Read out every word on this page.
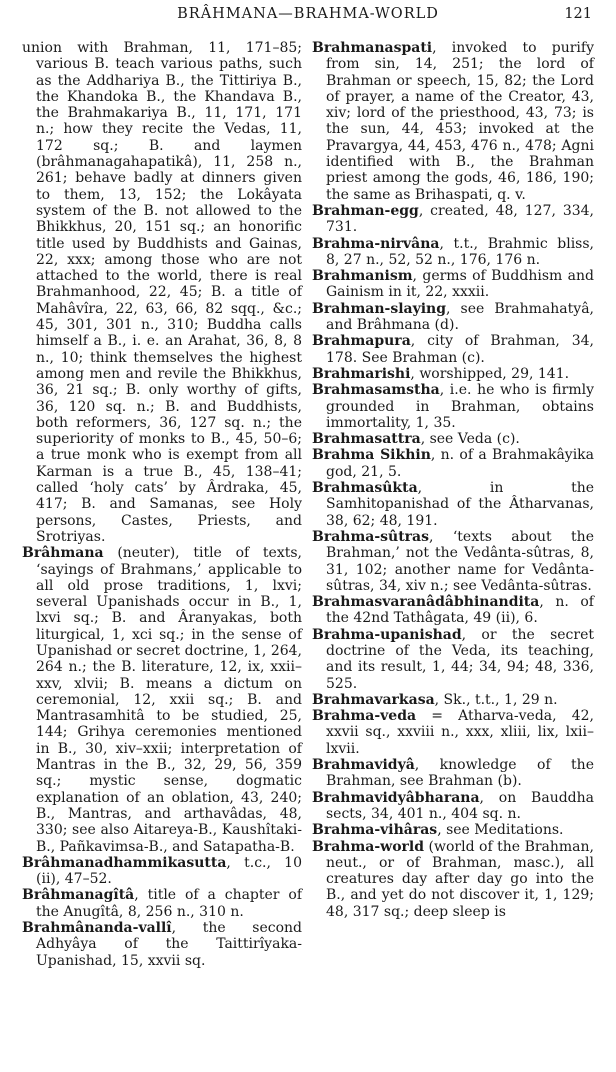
BRÂHMANA—BRAHMA-WORLD	121

union with Brahman, 11, 171–85; various B. teach various paths, such as the Addhariya B., the Tittiriya B., the Khandoka B., the Khandava B., the Brahmakariya B., 11, 171, 171 n.; how they recite the Vedas, 11, 172 sq.; B. and laymen (brâhmanagahapatikâ), 11, 258 n., 261; behave badly at dinners given to them, 13, 152; the Lokâyata system of the B. not allowed to the Bhikkhus, 20, 151 sq.; an honorific title used by Buddhists and Gainas, 22, xxx; among those who are not attached to the world, there is real Brahmanhood, 22, 45; B. a title of Mahâvîra, 22, 63, 66, 82 sqq., &c.; 45, 301, 301 n., 310; Buddha calls himself a B., i. e. an Arahat, 36, 8, 8 n., 10; think themselves the highest among men and revile the Bhikkhus, 36, 21 sq.; B. only worthy of gifts, 36, 120 sq. n.; B. and Buddhists, both reformers, 36, 127 sq. n.; the superiority of monks to B., 45, 50–6; a true monk who is exempt from all Karman is a true B., 45, 138–41; called ‘holy cats’ by Ârdraka, 45, 417; B. and Samanas, see Holy persons, Castes, Priests, and Srotriyas.

Brâhmana (neuter), title of texts, ‘sayings of Brahmans,’ applicable to all old prose traditions, 1, lxvi; several Upanishads occur in B., 1, lxvi sq.; B. and Âranyakas, both liturgical, 1, xci sq.; in the sense of Upanishad or secret doctrine, 1, 264, 264 n.; the B. literature, 12, ix, xxii–xxv, xlvii; B. means a dictum on ceremonial, 12, xxii sq.; B. and Mantrasamhitâ to be studied, 25, 144; Grihya ceremonies mentioned in B., 30, xiv–xxii; interpretation of Mantras in the B., 32, 29, 56, 359 sq.; mystic sense, dogmatic explanation of an oblation, 43, 240; B., Mantras, and arthavâdas, 48, 330; see also Aitareya-B., Kaushîtaki-B., Pañkavimsa-B., and Satapatha-B.

Brâhmanadhammikasutta, t.c., 10 (ii), 47–52.

Brâhmanagîtâ, title of a chapter of the Anugîtâ, 8, 256 n., 310 n.

Brahmânanda-vallî, the second Adhyâya of the Taittirîyaka-Upanishad, 15, xxvii sq.

Brahmanaspati, invoked to purify from sin, 14, 251; the lord of Brahman or speech, 15, 82; the Lord of prayer, a name of the Creator, 43, xiv; lord of the priesthood, 43, 73; is the sun, 44, 453; invoked at the Pravargya, 44, 453, 476 n., 478; Agni identified with B., the Brahman priest among the gods, 46, 186, 190; the same as Brihaspati, q. v.

Brahman-egg, created, 48, 127, 334, 731.

Brahma-nirvâna, t.t., Brahmic bliss, 8, 27 n., 52, 52 n., 176, 176 n.

Brahmanism, germs of Buddhism and Gainism in it, 22, xxxii.

Brahman-slaying, see Brahmahatyâ, and Brâhmana (d).

Brahmapura, city of Brahman, 34, 178. See Brahman (c).

Brahmarishi, worshipped, 29, 141.

Brahmasamstha, i.e. he who is firmly grounded in Brahman, obtains immortality, 1, 35.

Brahmasattra, see Veda (c).

Brahma Sikhin, n. of a Brahmakâyika god, 21, 5.

Brahmasûkta, in the Samhitopanishad of the Âtharvanas, 38, 62; 48, 191.

Brahma-sûtras, ‘texts about the Brahman,’ not the Vedânta-sûtras, 8, 31, 102; another name for Vedânta-sûtras, 34, xiv n.; see Vedânta-sûtras.

Brahmasvaranâdâbhinandita, n. of the 42nd Tathâgata, 49 (ii), 6.

Brahma-upanishad, or the secret doctrine of the Veda, its teaching, and its result, 1, 44; 34, 94; 48, 336, 525.

Brahmavarkasa, Sk., t.t., 1, 29 n.

Brahma-veda = Atharva-veda, 42, xxvii sq., xxviii n., xxx, xliii, lix, lxii–lxvii.

Brahmavidyâ, knowledge of the Brahman, see Brahman (b).

Brahmavidyâbharana, on Bauddha sects, 34, 401 n., 404 sq. n.

Brahma-vihâras, see Meditations.

Brahma-world (world of the Brahman, neut., or of Brahman, masc.), all creatures day after day go into the B., and yet do not discover it, 1, 129; 48, 317 sq.; deep sleep is
